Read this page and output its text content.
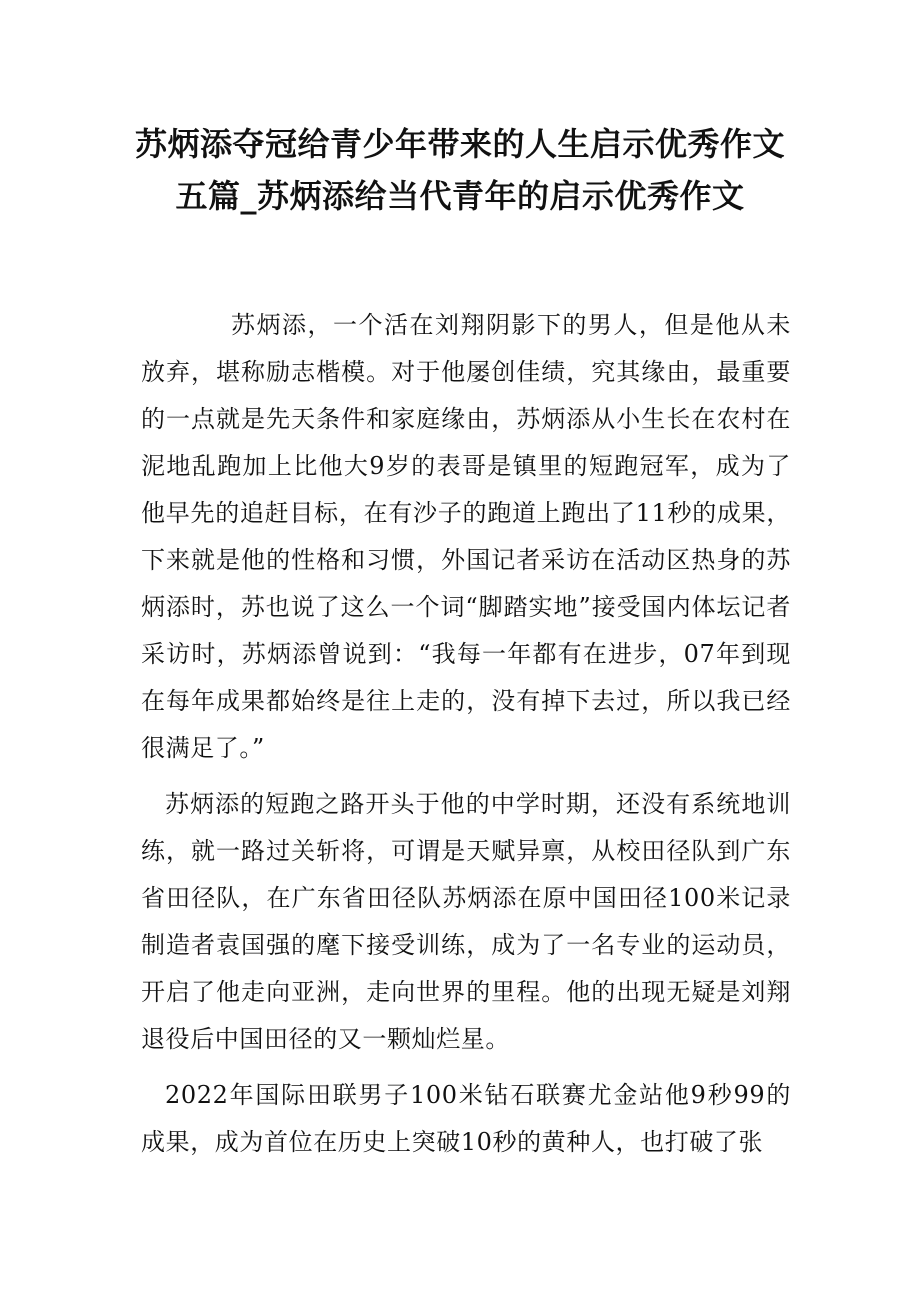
苏炳添夺冠给青少年带来的人生启示优秀作文五篇_苏炳添给当代青年的启示优秀作文

苏炳添，一个活在刘翔阴影下的男人，但是他从未放弃，堪称励志楷模。对于他屡创佳绩，究其缘由，最重要的一点就是先天条件和家庭缘由，苏炳添从小生长在农村在泥地乱跑加上比他大9岁的表哥是镇里的短跑冠军，成为了他早先的追赶目标，在有沙子的跑道上跑出了11秒的成果，下来就是他的性格和习惯，外国记者采访在活动区热身的苏炳添时，苏也说了这么一个词“脚踏实地”接受国内体坛记者采访时，苏炳添曾说到：“我每一年都有在进步，07年到现在每年成果都始终是往上走的，没有掉下去过，所以我已经很满足了。”

苏炳添的短跑之路开头于他的中学时期，还没有系统地训练，就一路过关斩将，可谓是天赋异禀，从校田径队到广东省田径队，在广东省田径队苏炳添在原中国田径100米记录制造者袁国强的麾下接受训练，成为了一名专业的运动员，开启了他走向亚洲，走向世界的里程。他的出现无疑是刘翔退役后中国田径的又一颗灿烂星。

2022年国际田联男子100米钻石联赛尤金站他9秒99的成果，成为首位在历史上突破10秒的黄种人，也打破了张
